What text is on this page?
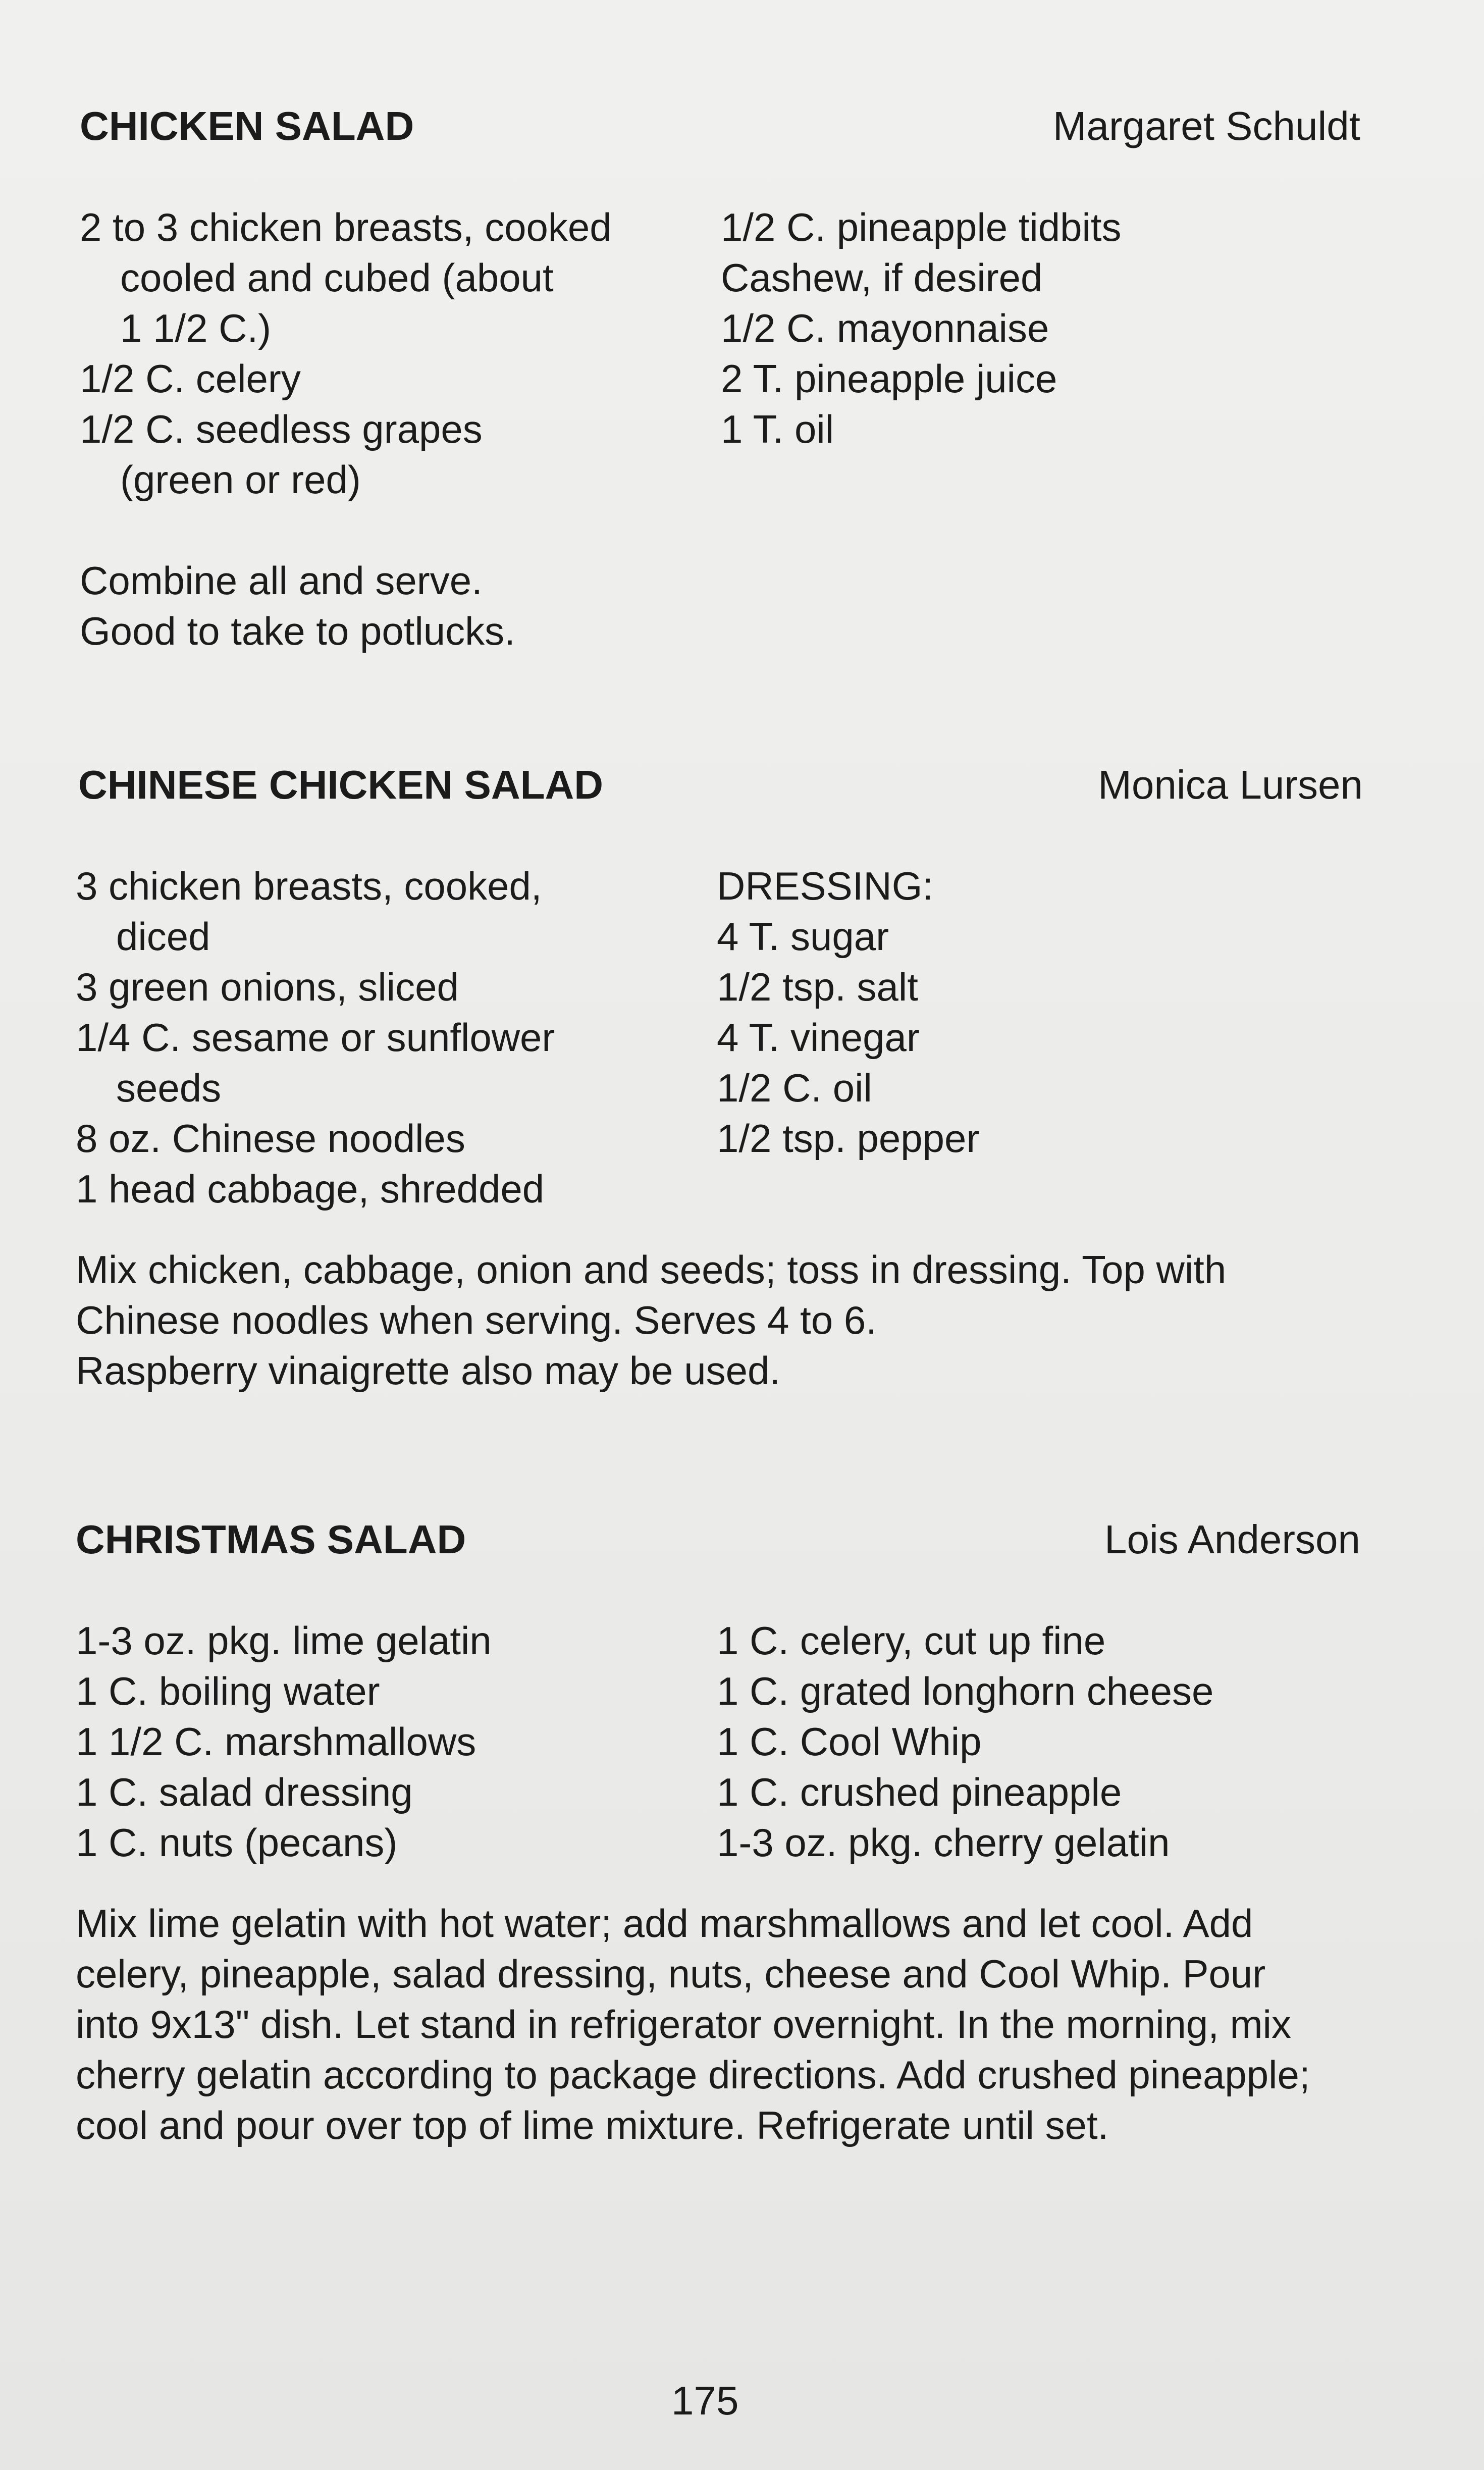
CHICKEN SALAD	Margaret Schuldt
2 to 3 chicken breasts, cooked
cooled and cubed (about
1 1/2 C.)
1/2 C. celery
1/2 C. seedless grapes
(green or red)
1/2 C. pineapple tidbits
Cashew, if desired
1/2 C. mayonnaise
2 T. pineapple juice
1 T. oil
Combine all and serve.
Good to take to potlucks.
CHINESE CHICKEN SALAD	Monica Lursen
3 chicken breasts, cooked,
diced
3 green onions, sliced
1/4 C. sesame or sunflower
seeds
8 oz. Chinese noodles
1 head cabbage, shredded
DRESSING:
4 T. sugar
1/2 tsp. salt
4 T. vinegar
1/2 C. oil
1/2 tsp. pepper
Mix chicken, cabbage, onion and seeds; toss in dressing. Top with
Chinese noodles when serving. Serves 4 to 6.
Raspberry vinaigrette also may be used.
CHRISTMAS SALAD	Lois Anderson
1-3 oz. pkg. lime gelatin
1 C. boiling water
1 1/2 C. marshmallows
1 C. salad dressing
1 C. nuts (pecans)
1 C. celery, cut up fine
1 C. grated longhorn cheese
1 C. Cool Whip
1 C. crushed pineapple
1-3 oz. pkg. cherry gelatin
Mix lime gelatin with hot water; add marshmallows and let cool. Add
celery, pineapple, salad dressing, nuts, cheese and Cool Whip. Pour
into 9x13" dish. Let stand in refrigerator overnight. In the morning, mix
cherry gelatin according to package directions. Add crushed pineapple;
cool and pour over top of lime mixture. Refrigerate until set.
175
